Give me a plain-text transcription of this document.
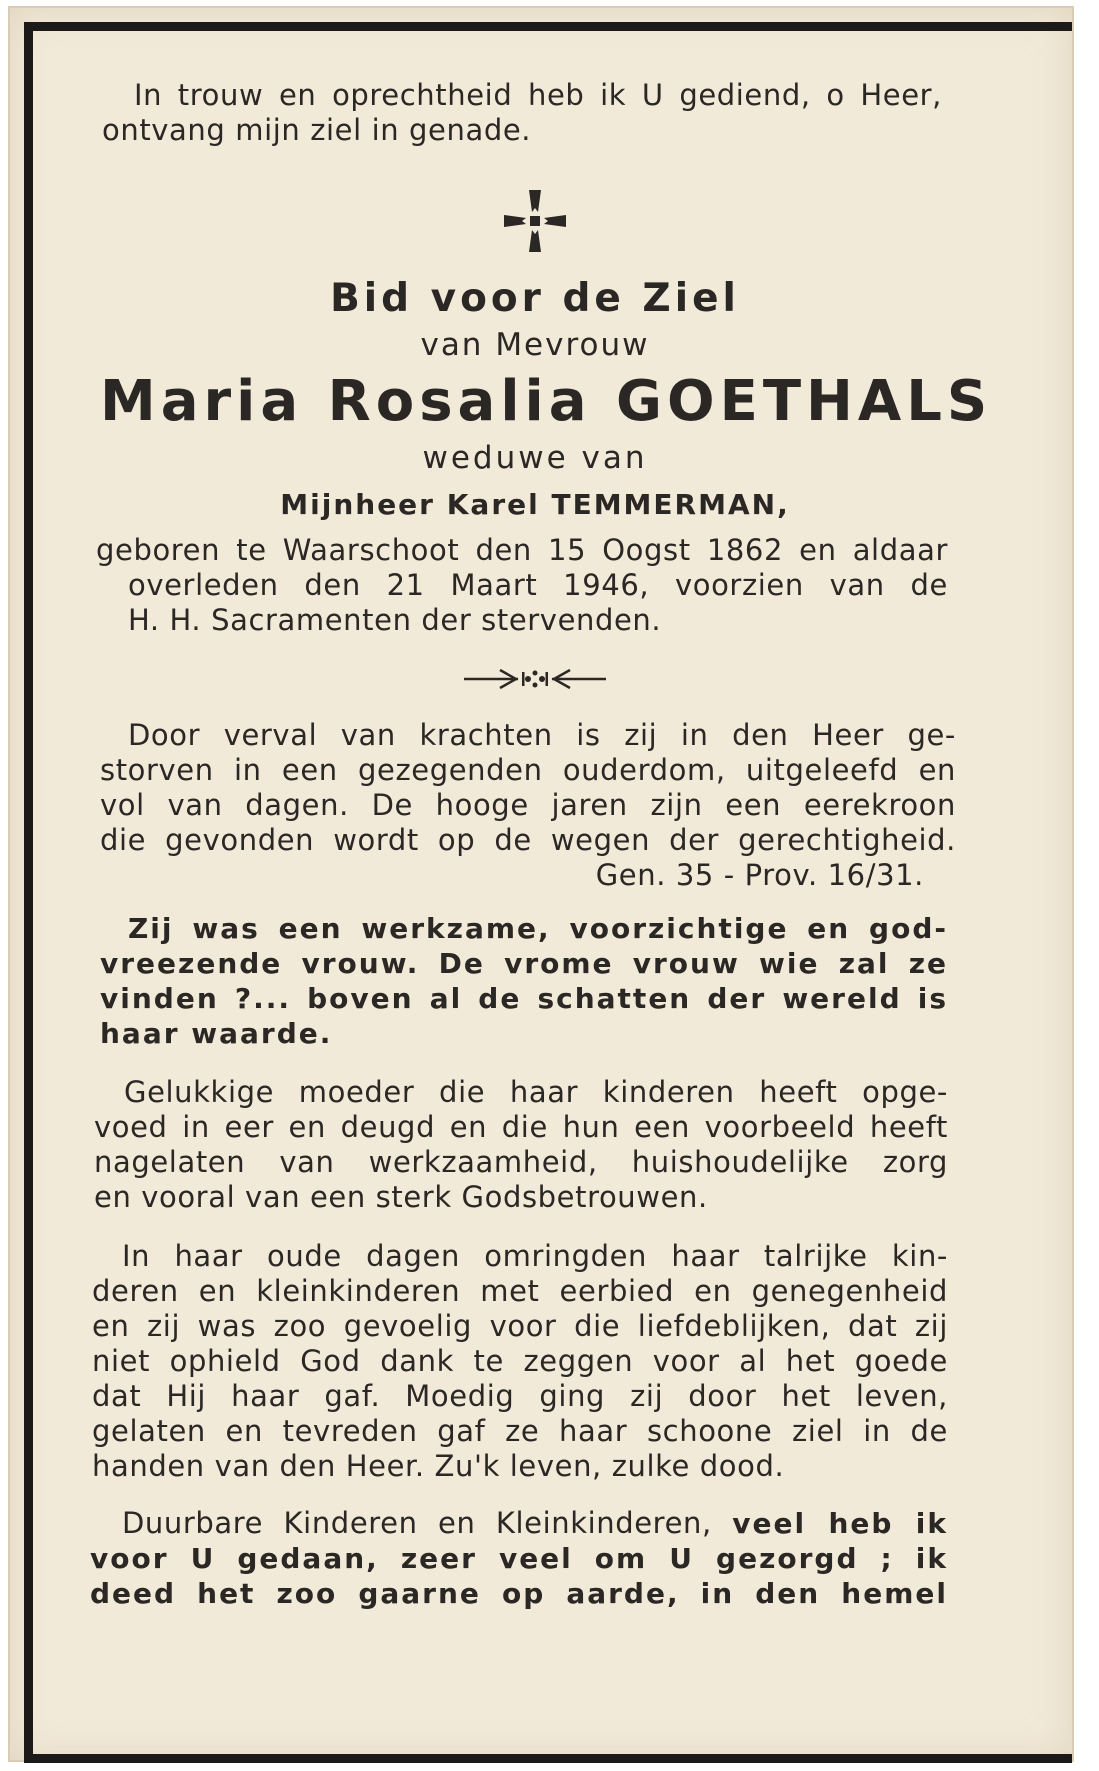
In trouw en oprechtheid heb ik U gediend, o Heer,
ontvang mijn ziel in genade.
Bid voor de Ziel
van Mevrouw
Maria Rosalia GOETHALS
weduwe van
Mijnheer Karel TEMMERMAN,
geboren te Waarschoot den 15 Oogst 1862 en aldaar
overleden den 21 Maart 1946, voorzien van de
H. H. Sacramenten der stervenden.
Door verval van krachten is zij in den Heer ge-
storven in een gezegenden ouderdom, uitgeleefd en
vol van dagen. De hooge jaren zijn een eerekroon
die gevonden wordt op de wegen der gerechtigheid.
Gen. 35 - Prov. 16/31.
Zij was een werkzame, voorzichtige en god-
vreezende vrouw. De vrome vrouw wie zal ze
vinden ?... boven al de schatten der wereld is
haar waarde.
Gelukkige moeder die haar kinderen heeft opge-
voed in eer en deugd en die hun een voorbeeld heeft
nagelaten van werkzaamheid, huishoudelijke zorg
en vooral van een sterk Godsbetrouwen.
In haar oude dagen omringden haar talrijke kin-
deren en kleinkinderen met eerbied en genegenheid
en zij was zoo gevoelig voor die liefdeblijken, dat zij
niet ophield God dank te zeggen voor al het goede
dat Hij haar gaf. Moedig ging zij door het leven,
gelaten en tevreden gaf ze haar schoone ziel in de
handen van den Heer. Zu'k leven, zulke dood.
Duurbare Kinderen en Kleinkinderen, veel heb ik
voor U gedaan, zeer veel om U gezorgd ; ik
deed het zoo gaarne op aarde, in den hemel
